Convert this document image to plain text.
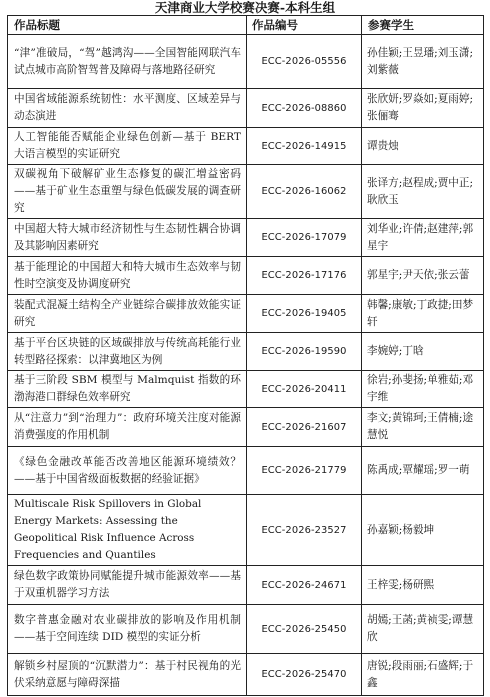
天津商业大学校赛决赛-本科生组
作品标题	作品编号	参赛学生
“津”准破局，“驾”越鸿沟——全国智能网联汽车试点城市高阶智驾普及障碍与落地路径研究	ECC-2026-05556	孙佳颖;王昱璠;刘玉潇;刘紫薇
中国省域能源系统韧性：水平测度、区域差异与动态演进	ECC-2026-08860	张欣妍;罗焱如;夏雨婷;张俪骞
人工智能能否赋能企业绿色创新—基于 BERT 大语言模型的实证研究	ECC-2026-14915	谭贵烛
双碳视角下破解矿业生态修复的碳汇增益密码——基于矿业生态重塑与绿色低碳发展的调查研究	ECC-2026-16062	张译方;赵程成;贾中正;耿欣玉
中国超大特大城市经济韧性与生态韧性耦合协调及其影响因素研究	ECC-2026-17079	刘华业;许倩;赵建萍;郭星宇
基于能理论的中国超大和特大城市生态效率与韧性时空演变及协调度研究	ECC-2026-17176	郭星宇;尹天依;张云蕾
装配式混凝土结构全产业链综合碳排放效能实证研究	ECC-2026-19405	韩馨;康敏;丁政捷;田梦轩
基于平台区块链的区域碳排放与传统高耗能行业转型路径探索：以津冀地区为例	ECC-2026-19590	李婉婷;丁晗
基于三阶段 SBM 模型与 Malmquist 指数的环渤海港口群绿色效率研究	ECC-2026-20411	徐岩;孙斐扬;单雅茹;邓宇维
从“注意力”到“治理力”：政府环境关注度对能源消费强度的作用机制	ECC-2026-21607	李文;黄锦珂;王倩楠;途慧悦
《绿色金融改革能否改善地区能源环境绩效？——基于中国省级面板数据的经验证据》	ECC-2026-21779	陈禹成;覃耀瑶;罗一萌
Multiscale Risk Spillovers in Global Energy Markets: Assessing the Geopolitical Risk Influence Across Frequencies and Quantiles	ECC-2026-23527	孙嘉颖;杨毅坤
绿色数字政策协同赋能提升城市能源效率——基于双重机器学习方法	ECC-2026-24671	王梓雯;杨研熙
数字普惠金融对农业碳排放的影响及作用机制——基于空间连续 DID 模型的实证分析	ECC-2026-25450	胡嫣;王菡;黄祯雯;谭慧欣
解锁乡村屋顶的“沉默潜力”：基于村民视角的光伏采纳意愿与障碍深描	ECC-2026-25470	唐锐;段雨丽;石盛辉;于鑫
